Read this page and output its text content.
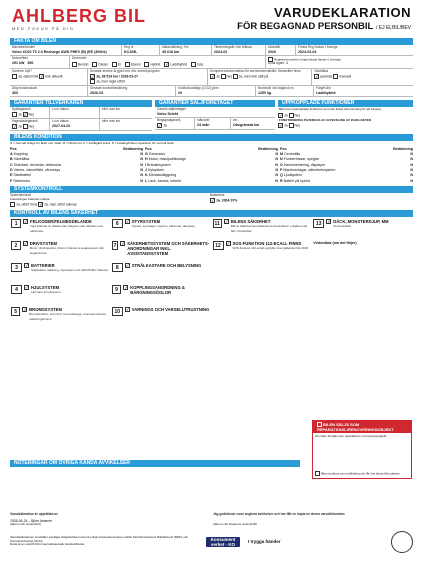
AHLBERG BIL
MED FOKUS PÅ DIG
VARUDEKLARATION
FÖR BEGAGNAD PERSONBIL / EJ ELBIL/BEV
FAKTA OM BILEN
Bilmärke/Modell
Volvo XC60 T6 2.0 Recharge AWD PHEV (B) (EE (300hk)
Reg nr
KCJ69L
Mätarställning, Km
45 618 km
Tillverkningsår Och Månad
2024-02
Modellår
2026
Första Reg Datum I Sverige
2024-03-03
Motoreffekt
291 kW 396
Drivmedel
Bensin	Diesel	El	Etanol	Hybrid ✓Laddhybrid	Gas
Registrerat utanför övriga listade länder (i Sverige)
Antal ägare: 1
Kamrem bytt?
Ja, datum/mil ✓Inte aktuellt
Senaste service är gjord ent. tillv. serviceprogram
✓Ja, 38 514 km / 2026-03-27
Ja, men inget utfört
Komplett dokumentation för serviceintervall/tillv. föreskrifter finns
✓Ja Nej Ja, men inte sätt på
Växellåda
✓automat manuell
Årlig fordonsskatt
360
Senaste kontrollbesiktning
2026-03
Koldioxidutsläpp (CO2) g/km
29
Bruttovikt vid dragkrok ev.
1250 kg
Färg/Kulör
Laddhybrid
GARANTIER TILLVERKAREN
Nybilsgaranti
Ja ✓Nej
t.o.m datum	eller max km
Vagnskadegaranti
✓Ja Nej
t.o.m datum
2027-04-02
eller max km
GARANTIER SÄLJFÖRETAGET
Garanti säljföretaget
Volvo Selekt
Begagnatgaranti
✓Ja
månader
24 mån
km
Obegränsat km
UPPKÖPPLADE FUNKTIONER
Bilen har uppkopplade funktioner som kan kräva abonnemang för att fungera
✓Ja Nej
FUNKTIONERNA PÅVERKAS AV AVVECKLING AV 2G/3G-NÄTEN
✓Ja Nej
BILENS KONDITION
N = Normalt slitage för ålder och miltal, M = Mindre fel, F = Fel/åtgärd krävs, P = Felaktig/kräver reparation för normalt skick
Pos	Bedömning
A Koppling	N
B Växellåda	N
C Slutväxel, drivaxlar, drivknutar	N
D Värme, värmefläkt, värmesys	N
E Startbatteri	N
F Startmotor	N
Pos	Bedömning
G Generator	N
H Motor, missljud/läckage	N
I Bränslesystem	N
J Kylsystem	N
K Klimatanläggning	N
L Lack, kaross, interiör	N
Pos	Bedömning
M Centrallås	N
N Fönsterhissar, speglar	N
O Instrumentering, displayer	N
P Manöverdagar, säkerhetssystem	N
Q Ljudsystem	N
R Batteri på hybrid	N
SYSTEMKONTROLL
Systemkontroll
Felkod/ingen Felkoder utlästa
Ja, utfört finns ✓Ja, men utfört saknas
Batteritest
✓Ja, VIDA 97%
KONTROLL AV BILENS SÄKERHET
1	✓ FELKODER/FELMEDDELANDE
Inga felkoder är utlästa eller diagnos utan felkoder som aktiverats.
6	✓ STYRSYSTEM
Styrled, styrstaget, styrarm, bärarmar, dämpare.	11	✓ BILENS SÄKERHET
Bilens säkerhet kontrollerad med resultatet i enlighet med fabr. föreskrifter.
13	✓ DÄCK, MONSTERDJUP, MM
Sommardäck
2	✓ DRIVSYSTEM
Motor, drivlina/axlar, drivrör, bränsle & avgassystem inkl. avgasrenare.
7	✓ SÄKERHETSSYSTEM OCH SÄKERHETS-ANORDNINGAR INKL. ASSISTANSSYSTEM
12	✓ SOS-FUNKTION 112-ECALL FINNS
SOS-funktion 112-eCall uppfyller krav gällande från 2018.
Vinterdäck (om det följer)
3	✓ BATTERIER
Startbatteri, laddning, styrsystem och HEV/PHEV batterier.	8	✓ STRÅLKASTARE OCH BELYSNING
4	✓ HJULSYSTEM
Lämnare & hjulsystem.	9	✓ KOPPLINGSANORDNING & BÄRGNINGSÖGLOR
5	✓ BROMSSYSTEM
Bromsfunktion, bromsrör, bromsslangar, bromsok/ klossar, parkeringsbroms.
10	✓ VARNINGS OCH VARSELUTRUSTNING
BILEN SÄLJS SOM REPARATIONS-/RENOVERINGSOBJEKT
Om bilen till säljs som reparations-/ renoveringsobjekt:
Bilen bedöms som trafikfarlig och får inte köras från platsen
NOTERINGAR OM ÖVRIGA KÄNDA AVVIKELSER
Varudeklaration är upprättad av
2026-06-24 – Björn Asserén
(datum och underskrift)
Jag godkänner ovan angivna avvikelser och har fått en kopia av denna varudeklaration
(datum och köparens underskrift)
Varudeklarationen innehåller samtliga obligatoriska moment enligt överenskommelse mellan Motorbranschens Riksförbund (MRF) och Konsumentverket (KOV).
Detta är en utskrift från Internetbaserade Handelsbruket.
Konsument
verket · KO
I trygga händer
